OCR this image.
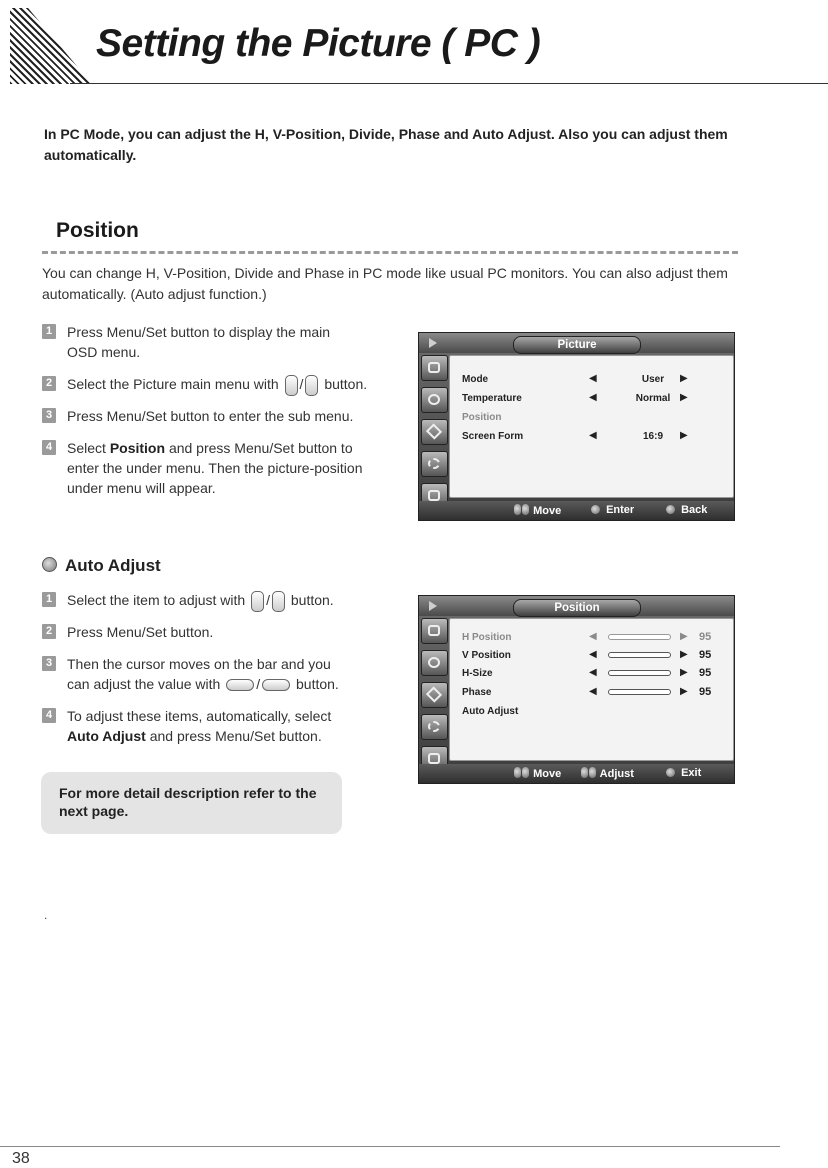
Setting the Picture ( PC )
In PC Mode, you can adjust the H, V-Position, Divide, Phase and Auto Adjust. Also you can adjust them automatically.
Position
You can change H, V-Position, Divide and Phase in PC mode like usual PC monitors. You can also adjust them automatically. (Auto adjust function.)
1 Press Menu/Set button to display the main OSD menu.
2 Select the Picture main menu with / button.
3 Press Menu/Set button to enter the sub menu.
4 Select Position and press Menu/Set button to enter the under menu. Then the picture-position under menu will appear.
Picture
Mode	◀	User	▶
Temperature	◀	Normal ▶
Position
Screen Form	◀	16:9	▶
Move	Enter	Back
Auto Adjust
1 Select the item to adjust with / button.
2 Press Menu/Set button.
3 Then the cursor moves on the bar and you can adjust the value with	/	button.
4 To adjust these items, automatically, select Auto Adjust and press Menu/Set button.
Position
H Position	◀	▶ 95
V Position	◀	▶ 95
H-Size	◀	▶ 95
Phase	◀	▶ 95
Auto Adjust
Move	Adjust	Exit
For more detail description refer to the next page.
.
38
